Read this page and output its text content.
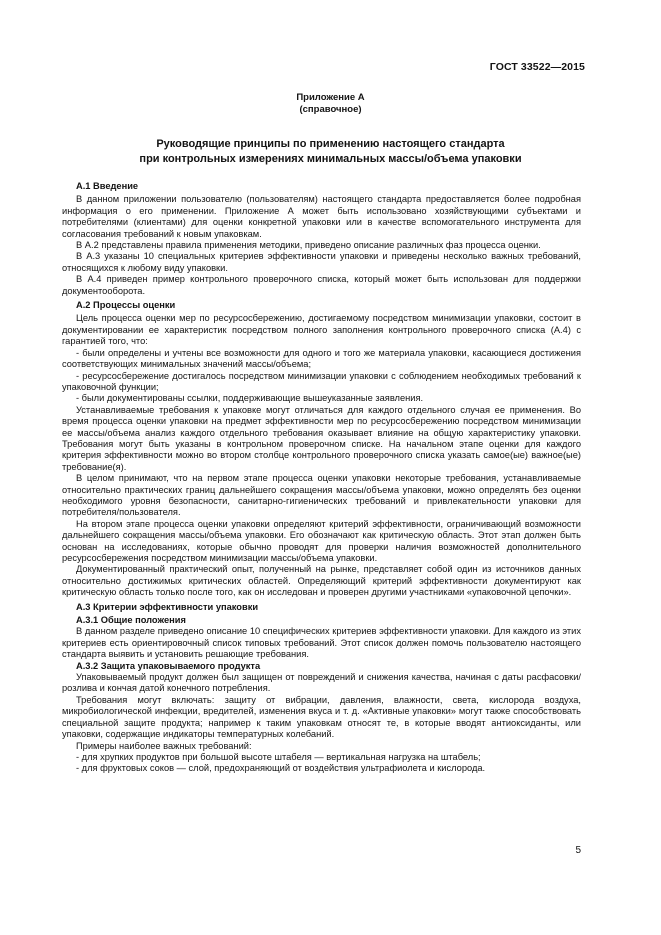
ГОСТ 33522—2015
Приложение А
(справочное)
Руководящие принципы по применению настоящего стандарта
при контрольных измерениях минимальных массы/объема упаковки

А.1 Введение

В данном приложении пользователю (пользователям) настоящего стандарта предоставляется более подробная информация о его применении. Приложение А может быть использовано хозяйствующими субъектами и потребителями (клиентами) для оценки конкретной упаковки или в качестве вспомогательного инструмента для согласования требований к новым упаковкам.

В А.2 представлены правила применения методики, приведено описание различных фаз процесса оценки.

В А.3 указаны 10 специальных критериев эффективности упаковки и приведены несколько важных требований, относящихся к любому виду упаковки.

В А.4 приведен пример контрольного проверочного списка, который может быть использован для поддержки документооборота.

А.2 Процессы оценки

Цель процесса оценки мер по ресурсосбережению, достигаемому посредством минимизации упаковки, состоит в документировании ее характеристик посредством полного заполнения контрольного проверочного списка (А.4) с гарантией того, что:

- были определены и учтены все возможности для одного и того же материала упаковки, касающиеся достижения соответствующих минимальных значений массы/объема;

- ресурсосбережение достигалось посредством минимизации упаковки с соблюдением необходимых требований к упаковочной функции;

- были документированы ссылки, поддерживающие вышеуказанные заявления.

Устанавливаемые требования к упаковке могут отличаться для каждого отдельного случая ее применения. Во время процесса оценки упаковки на предмет эффективности мер по ресурсосбережению посредством минимизации ее массы/объема анализ каждого отдельного требования оказывает влияние на общую характеристику упаковки. Требования могут быть указаны в контрольном проверочном списке. На начальном этапе оценки для каждого критерия эффективности можно во втором столбце контрольного проверочного списка указать самое(ые) важное(ые) требование(я).

В целом принимают, что на первом этапе процесса оценки упаковки некоторые требования, устанавливаемые относительно практических границ дальнейшего сокращения массы/объема упаковки, можно определять без оценки необходимого уровня безопасности, санитарно-гигиенических требований и привлекательности упаковки для потребителя/пользователя.

На втором этапе процесса оценки упаковки определяют критерий эффективности, ограничивающий возможности дальнейшего сокращения массы/объема упаковки. Его обозначают как критическую область. Этот этап должен быть основан на исследованиях, которые обычно проводят для проверки наличия возможностей дополнительного ресурсосбережения посредством минимизации массы/объема упаковки.

Документированный практический опыт, полученный на рынке, представляет собой один из источников данных относительно достижимых критических областей. Определяющий критерий эффективности документируют как критическую область только после того, как он исследован и проверен другими участниками «упаковочной цепочки».

А.3 Критерии эффективности упаковки

А.3.1 Общие положения

В данном разделе приведено описание 10 специфических критериев эффективности упаковки. Для каждого из этих критериев есть ориентировочный список типовых требований. Этот список должен помочь пользователю настоящего стандарта выявить и установить решающие требования.

А.3.2 Защита упаковываемого продукта

Упаковываемый продукт должен был защищен от повреждений и снижения качества, начиная с даты расфасовки/розлива и кончая датой конечного потребления.

Требования могут включать: защиту от вибрации, давления, влажности, света, кислорода воздуха, микробиологической инфекции, вредителей, изменения вкуса и т. д. «Активные упаковки» могут также способствовать специальной защите продукта; например к таким упаковкам относят те, в которые вводят антиоксиданты, или упаковки, содержащие индикаторы температурных колебаний.

Примеры наиболее важных требований:

- для хрупких продуктов при большой высоте штабеля — вертикальная нагрузка на штабель;

- для фруктовых соков — слой, предохраняющий от воздействия ультрафиолета и кислорода.

5
